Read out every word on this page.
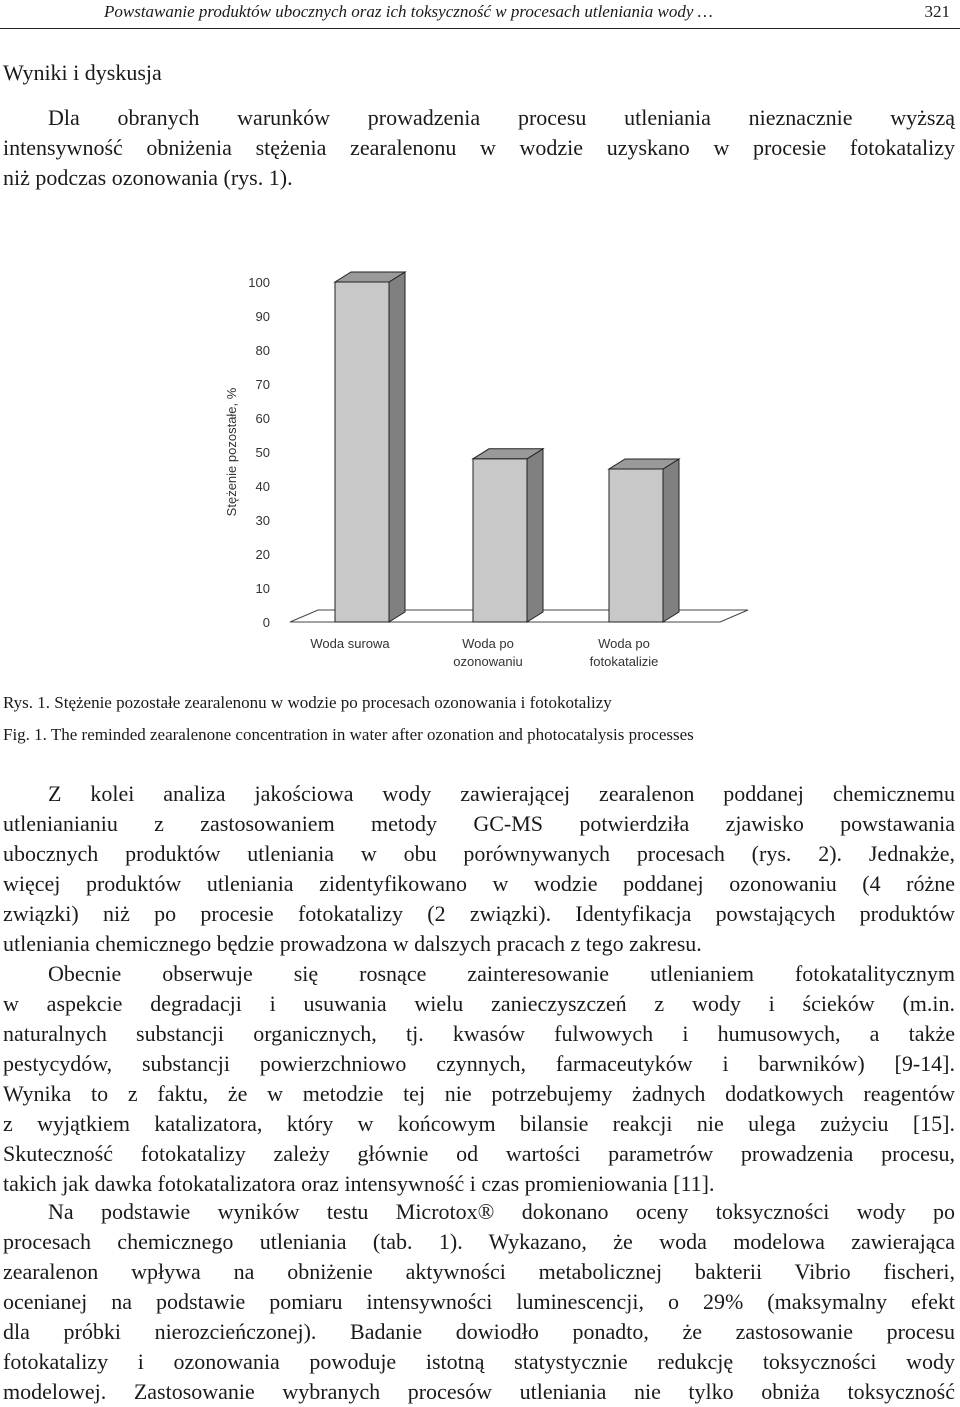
Powstawanie produktów ubocznych oraz ich toksyczność w procesach utleniania wody …	321
Wyniki i dyskusja

Dla obranych warunków prowadzenia procesu utleniania nieznacznie wyższą
intensywność obniżenia stężenia zearalenonu w wodzie uzyskano w procesie fotokatalizy
niż podczas ozonowania (rys. 1).

0
10
20
30
40
50
60
70
80
90
100
Woda surowa	Woda po ozonowaniu
Woda po fotokatalizie
Stężenie pozostałe, %
Rys. 1. Stężenie pozostałe zearalenonu w wodzie po procesach ozonowania i fotokotalizy
Fig. 1. The reminded zearalenone concentration in water after ozonation and photocatalysis processes

Z kolei analiza jakościowa wody zawierającej zearalenon poddanej chemicznemu
utlenianianiu z zastosowaniem metody GC-MS potwierdziła zjawisko powstawania
ubocznych produktów utleniania w obu porównywanych procesach (rys. 2). Jednakże,
więcej produktów utleniania zidentyfikowano w wodzie poddanej ozonowaniu (4 różne
związki) niż po procesie fotokatalizy (2 związki). Identyfikacja powstających produktów
utleniania chemicznego będzie prowadzona w dalszych pracach z tego zakresu.

Obecnie obserwuje się rosnące zainteresowanie utlenianiem fotokatalitycznym
w aspekcie degradacji i usuwania wielu zanieczyszczeń z wody i ścieków (m.in.
naturalnych substancji organicznych, tj. kwasów fulwowych i humusowych, a także
pestycydów, substancji powierzchniowo czynnych, farmaceutyków i barwników) [9-14].
Wynika to z faktu, że w metodzie tej nie potrzebujemy żadnych dodatkowych reagentów
z wyjątkiem katalizatora, który w końcowym bilansie reakcji nie ulega zużyciu [15].
Skuteczność fotokatalizy zależy głównie od wartości parametrów prowadzenia procesu,
takich jak dawka fotokatalizatora oraz intensywność i czas promieniowania [11].

Na podstawie wyników testu Microtox® dokonano oceny toksyczności wody po
procesach chemicznego utleniania (tab. 1). Wykazano, że woda modelowa zawierająca
zearalenon wpływa na obniżenie aktywności metabolicznej bakterii Vibrio fischeri,
ocenianej na podstawie pomiaru intensywności luminescencji, o 29% (maksymalny efekt
dla próbki nierozcieńczonej). Badanie dowiodło ponadto, że zastosowanie procesu
fotokatalizy i ozonowania powoduje istotną statystycznie redukcję toksyczności wody
modelowej. Zastosowanie wybranych procesów utleniania nie tylko obniża toksyczność
